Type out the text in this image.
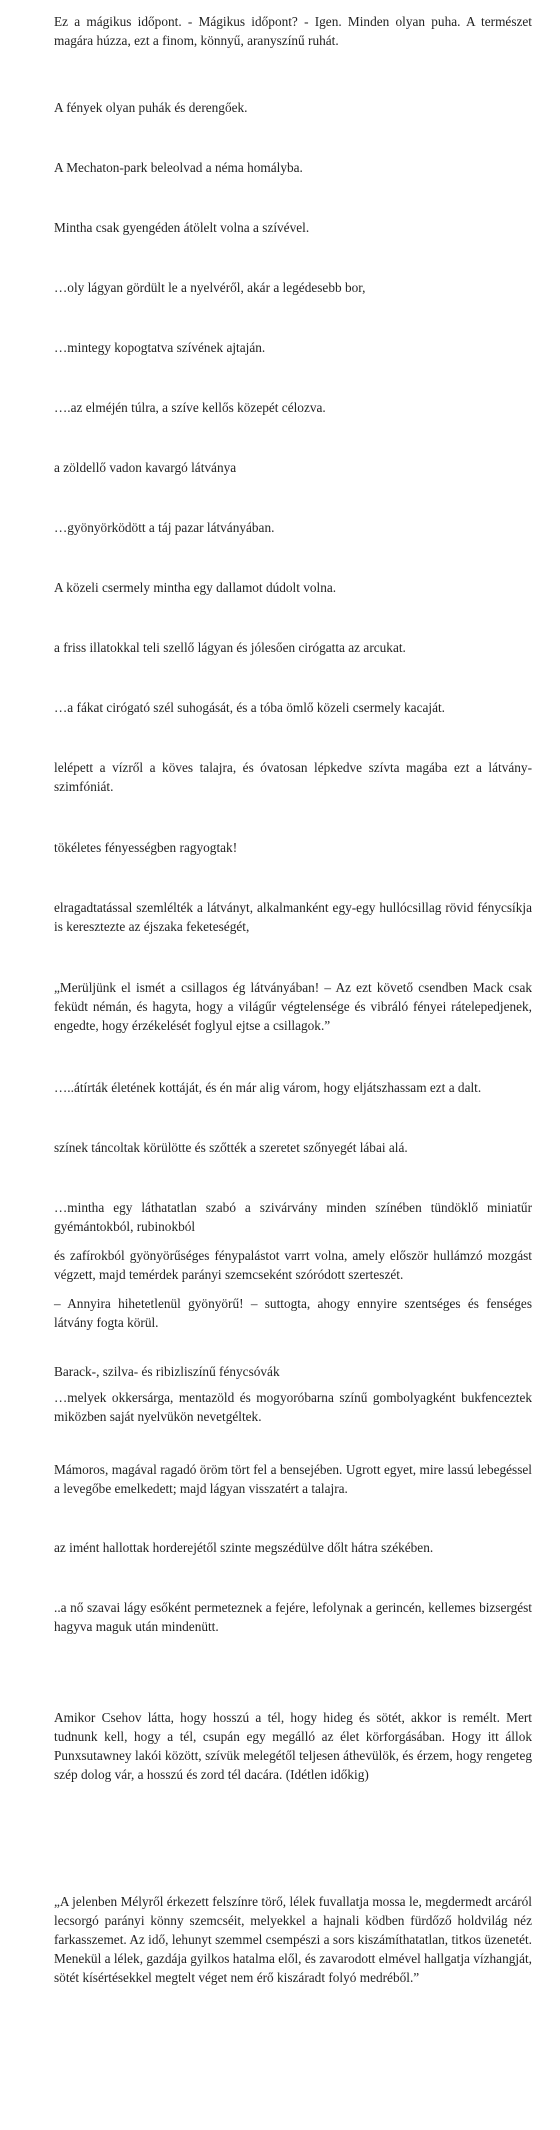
Ez a mágikus időpont. - Mágikus időpont? - Igen. Minden olyan puha. A természet magára húzza, ezt a finom, könnyű, aranyszínű ruhát.

A fények olyan puhák és derengőek.

A Mechaton-park beleolvad a néma homályba.

Mintha csak gyengéden átölelt volna a szívével.

…oly lágyan gördült le a nyelvéről, akár a legédesebb bor,

…mintegy kopogtatva szívének ajtaján.

….az elméjén túlra, a szíve kellős közepét célozva.

a zöldellő vadon kavargó látványa

…gyönyörködött a táj pazar látványában.

A közeli csermely mintha egy dallamot dúdolt volna.

a friss illatokkal teli szellő lágyan és jólesően cirógatta az arcukat.

…a fákat cirógató szél suhogását, és a tóba ömlő közeli csermely kacaját.

lelépett a vízről a köves talajra, és óvatosan lépkedve szívta magába ezt a látvány-szimfóniát.

tökéletes fényességben ragyogtak!

elragadtatással szemlélték a látványt, alkalmanként egy-egy hullócsillag rövid fénycsíkja is keresztezte az éjszaka feketeségét,

„Merüljünk el ismét a csillagos ég látványában! – Az ezt követő csendben Mack csak feküdt némán, és hagyta, hogy a világűr végtelensége és vibráló fényei rátelepedjenek, engedte, hogy érzékelését foglyul ejtse a csillagok.”

…..átírták életének kottáját, és én már alig várom, hogy eljátszhassam ezt a dalt.

színek táncoltak körülötte és szőtték a szeretet szőnyegét lábai alá.

…mintha egy láthatatlan szabó a szivárvány minden színében tündöklő miniatűr gyémántokból, rubinokból

és zafírokból gyönyörűséges fénypalástot varrt volna, amely először hullámzó mozgást végzett, majd temérdek parányi szemcseként szóródott szerteszét.

– Annyira hihetetlenül gyönyörű! – suttogta, ahogy ennyire szentséges és fenséges látvány fogta körül.

Barack-, szilva- és ribizliszínű fénycsóvák

…melyek okkersárga, mentazöld és mogyoróbarna színű gombolyagként bukfenceztek miközben saját nyelvükön nevetgéltek.

Mámoros, magával ragadó öröm tört fel a bensejében. Ugrott egyet, mire lassú lebegéssel a levegőbe emelkedett; majd lágyan visszatért a talajra.

az imént hallottak horderejétől szinte megszédülve dőlt hátra székében.

..a nő szavai lágy esőként permeteznek a fejére, lefolynak a gerincén, kellemes bizsergést hagyva maguk után mindenütt.

Amikor Csehov látta, hogy hosszú a tél, hogy hideg és sötét, akkor is remélt. Mert tudnunk kell, hogy a tél, csupán egy megálló az élet körforgásában. Hogy itt állok Punxsutawney lakói között, szívük melegétől teljesen áthevülök, és érzem, hogy rengeteg szép dolog vár, a hosszú és zord tél dacára. (Idétlen időkig)

„A jelenben Mélyről érkezett felszínre törő, lélek fuvallatja mossa le, megdermedt arcáról lecsorgó parányi könny szemcséit, melyekkel a hajnali ködben fürdőző holdvilág néz farkasszemet. Az idő, lehunyt szemmel csempészi a sors kiszámíthatatlan, titkos üzenetét. Menekül a lélek, gazdája gyilkos hatalma elől, és zavarodott elmével hallgatja vízhangját, sötét kísértésekkel megtelt véget nem érő kiszáradt folyó medréből.”
